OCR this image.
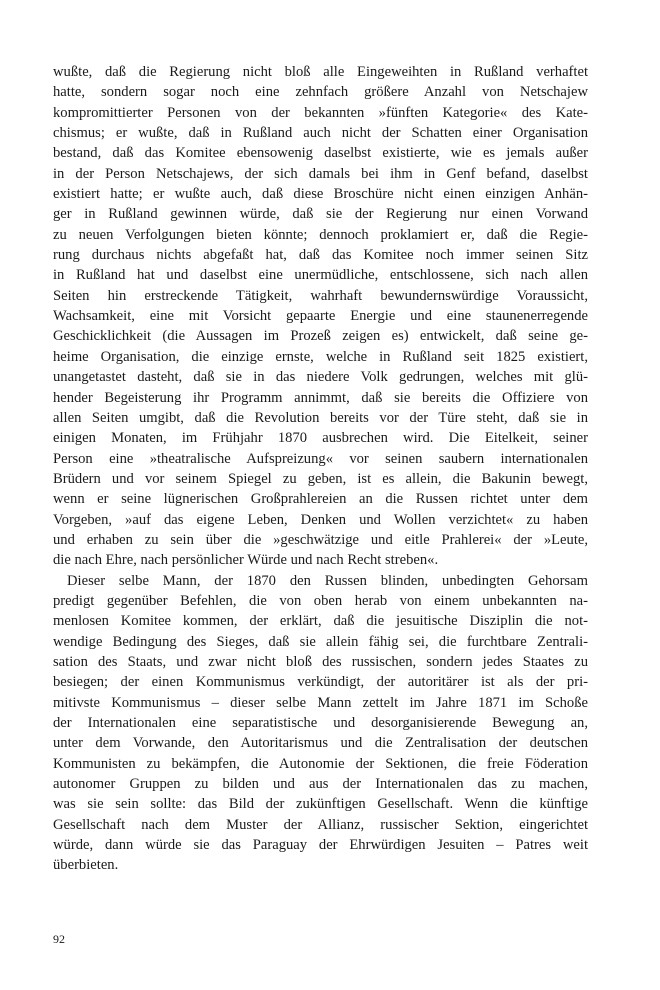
wußte, daß die Regierung nicht bloß alle Eingeweihten in Rußland verhaftet
hatte, sondern sogar noch eine zehnfach größere Anzahl von Netschajew
kompromittierter Personen von der bekannten »fünften Kategorie« des Kate-
chismus; er wußte, daß in Rußland auch nicht der Schatten einer Organisation
bestand, daß das Komitee ebensowenig daselbst existierte, wie es jemals außer
in der Person Netschajews, der sich damals bei ihm in Genf befand, daselbst
existiert hatte; er wußte auch, daß diese Broschüre nicht einen einzigen Anhän-
ger in Rußland gewinnen würde, daß sie der Regierung nur einen Vorwand
zu neuen Verfolgungen bieten könnte; dennoch proklamiert er, daß die Regie-
rung durchaus nichts abgefaßt hat, daß das Komitee noch immer seinen Sitz
in Rußland hat und daselbst eine unermüdliche, entschlossene, sich nach allen
Seiten hin erstreckende Tätigkeit, wahrhaft bewundernswürdige Voraussicht,
Wachsamkeit, eine mit Vorsicht gepaarte Energie und eine staunenerregende
Geschicklichkeit (die Aussagen im Prozeß zeigen es) entwickelt, daß seine ge-
heime Organisation, die einzige ernste, welche in Rußland seit 1825 existiert,
unangetastet dasteht, daß sie in das niedere Volk gedrungen, welches mit glü-
hender Begeisterung ihr Programm annimmt, daß sie bereits die Offiziere von
allen Seiten umgibt, daß die Revolution bereits vor der Türe steht, daß sie in
einigen Monaten, im Frühjahr 1870 ausbrechen wird. Die Eitelkeit, seiner
Person eine »theatralische Aufspreizung« vor seinen saubern internationalen
Brüdern und vor seinem Spiegel zu geben, ist es allein, die Bakunin bewegt,
wenn er seine lügnerischen Großprahlereien an die Russen richtet unter dem
Vorgeben, »auf das eigene Leben, Denken und Wollen verzichtet« zu haben
und erhaben zu sein über die »geschwätzige und eitle Prahlerei« der »Leute,
die nach Ehre, nach persönlicher Würde und nach Recht streben«.
Dieser selbe Mann, der 1870 den Russen blinden, unbedingten Gehorsam
predigt gegenüber Befehlen, die von oben herab von einem unbekannten na-
menlosen Komitee kommen, der erklärt, daß die jesuitische Disziplin die not-
wendige Bedingung des Sieges, daß sie allein fähig sei, die furchtbare Zentrali-
sation des Staats, und zwar nicht bloß des russischen, sondern jedes Staates zu
besiegen; der einen Kommunismus verkündigt, der autoritärer ist als der pri-
mitivste Kommunismus – dieser selbe Mann zettelt im Jahre 1871 im Schoße
der Internationalen eine separatistische und desorganisierende Bewegung an,
unter dem Vorwande, den Autoritarismus und die Zentralisation der deutschen
Kommunisten zu bekämpfen, die Autonomie der Sektionen, die freie Föderation
autonomer Gruppen zu bilden und aus der Internationalen das zu machen,
was sie sein sollte: das Bild der zukünftigen Gesellschaft. Wenn die künftige
Gesellschaft nach dem Muster der Allianz, russischer Sektion, eingerichtet
würde, dann würde sie das Paraguay der Ehrwürdigen Jesuiten – Patres weit
überbieten.
92
